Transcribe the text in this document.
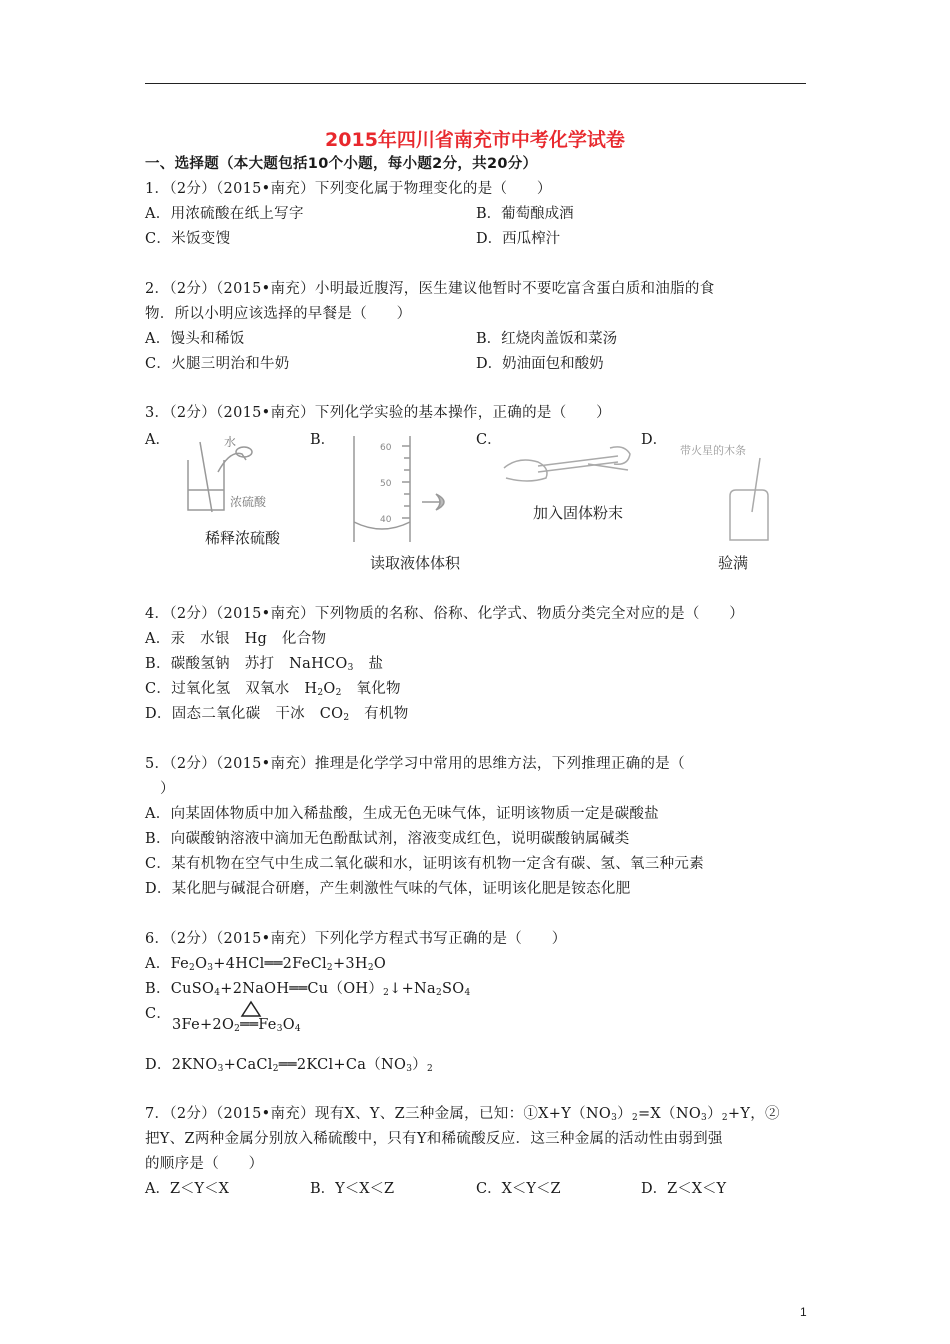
2015年四川省南充市中考化学试卷
一、选择题（本大题包括10个小题，每小题2分，共20分）
1．（2分）（2015•南充）下列变化属于物理变化的是（　　）
A．用浓硫酸在纸上写字	B．葡萄酿成酒
C．米饭变馊	D．西瓜榨汁
2．（2分）（2015•南充）小明最近腹泻，医生建议他暂时不要吃富含蛋白质和油脂的食
物．所以小明应该选择的早餐是（　　）
A．馒头和稀饭	B．红烧肉盖饭和菜汤
C．火腿三明治和牛奶	D．奶油面包和酸奶
3．（2分）（2015•南充）下列化学实验的基本操作，正确的是（　　）
A．	B．	C．	D．
水
浓硫酸
稀释浓硫酸
60
50
40
读取液体体积
加入固体粉末
带火星的木条
验满
4．（2分）（2015•南充）下列物质的名称、俗称、化学式、物质分类完全对应的是（　　）
A．汞　水银　Hg　化合物
B．碳酸氢钠　苏打　NaHCO$_3$　盐
C．过氧化氢　双氧水　$H_2O_2$　氧化物
D．固态二氧化碳　干冰　$CO_2$　有机物
5．（2分）（2015•南充）推理是化学学习中常用的思维方法，下列推理正确的是（
）
A．向某固体物质中加入稀盐酸，生成无色无味气体，证明该物质一定是碳酸盐
B．向碳酸钠溶液中滴加无色酚酞试剂，溶液变成红色，说明碳酸钠属碱类
C．某有机物在空气中生成二氧化碳和水，证明该有机物一定含有碳、氢、氧三种元素
D．某化肥与碱混合研磨，产生刺激性气味的气体，证明该化肥是铵态化肥
6．（2分）（2015•南充）下列化学方程式书写正确的是（　　）
A．$Fe_2O_3+4HCl══2FeCl_2+3H_2O$
B．$CuSO_4+2NaOH══Cu(OH)_2↓+Na_2SO_4$
C．
$3Fe+2O_2══Fe_3O_4$
D．$2KNO_3+CaCl_2══2KCl+Ca(NO_3)_2$
7．（2分）（2015•南充）现有X、Y、Z三种金属，已知：$①X+Y(NO_3)_2=X(NO_3)_2+Y$，②
把Y、Z两种金属分别放入稀硫酸中，只有Y和稀硫酸反应．这三种金属的活动性由弱到强
的顺序是（　　）
A．Z＜Y＜X	B．Y＜X＜Z	C．X＜Y＜Z	D．Z＜X＜Y
1
